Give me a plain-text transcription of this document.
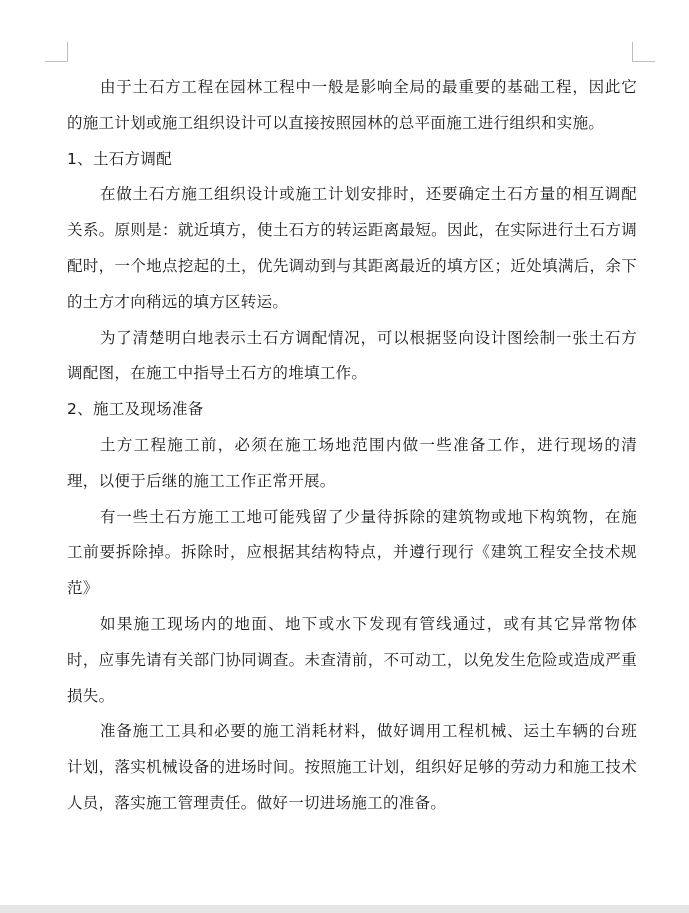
由于土石方工程在园林工程中一般是影响全局的最重要的基础工程，因此它的施工计划或施工组织设计可以直接按照园林的总平面施工进行组织和实施。

1、土石方调配

在做土石方施工组织设计或施工计划安排时，还要确定土石方量的相互调配关系。原则是：就近填方，使土石方的转运距离最短。因此，在实际进行土石方调配时，一个地点挖起的土，优先调动到与其距离最近的填方区；近处填满后，余下的土方才向稍远的填方区转运。

为了清楚明白地表示土石方调配情况，可以根据竖向设计图绘制一张土石方调配图，在施工中指导土石方的堆填工作。

2、施工及现场准备

土方工程施工前，必须在施工场地范围内做一些准备工作，进行现场的清理，以便于后继的施工工作正常开展。

有一些土石方施工工地可能残留了少量待拆除的建筑物或地下构筑物，在施工前要拆除掉。拆除时，应根据其结构特点，并遵行现行《建筑工程安全技术规范》

如果施工现场内的地面、地下或水下发现有管线通过，或有其它异常物体时，应事先请有关部门协同调查。未查清前，不可动工，以免发生危险或造成严重损失。

准备施工工具和必要的施工消耗材料，做好调用工程机械、运土车辆的台班计划，落实机械设备的进场时间。按照施工计划，组织好足够的劳动力和施工技术人员，落实施工管理责任。做好一切进场施工的准备。
